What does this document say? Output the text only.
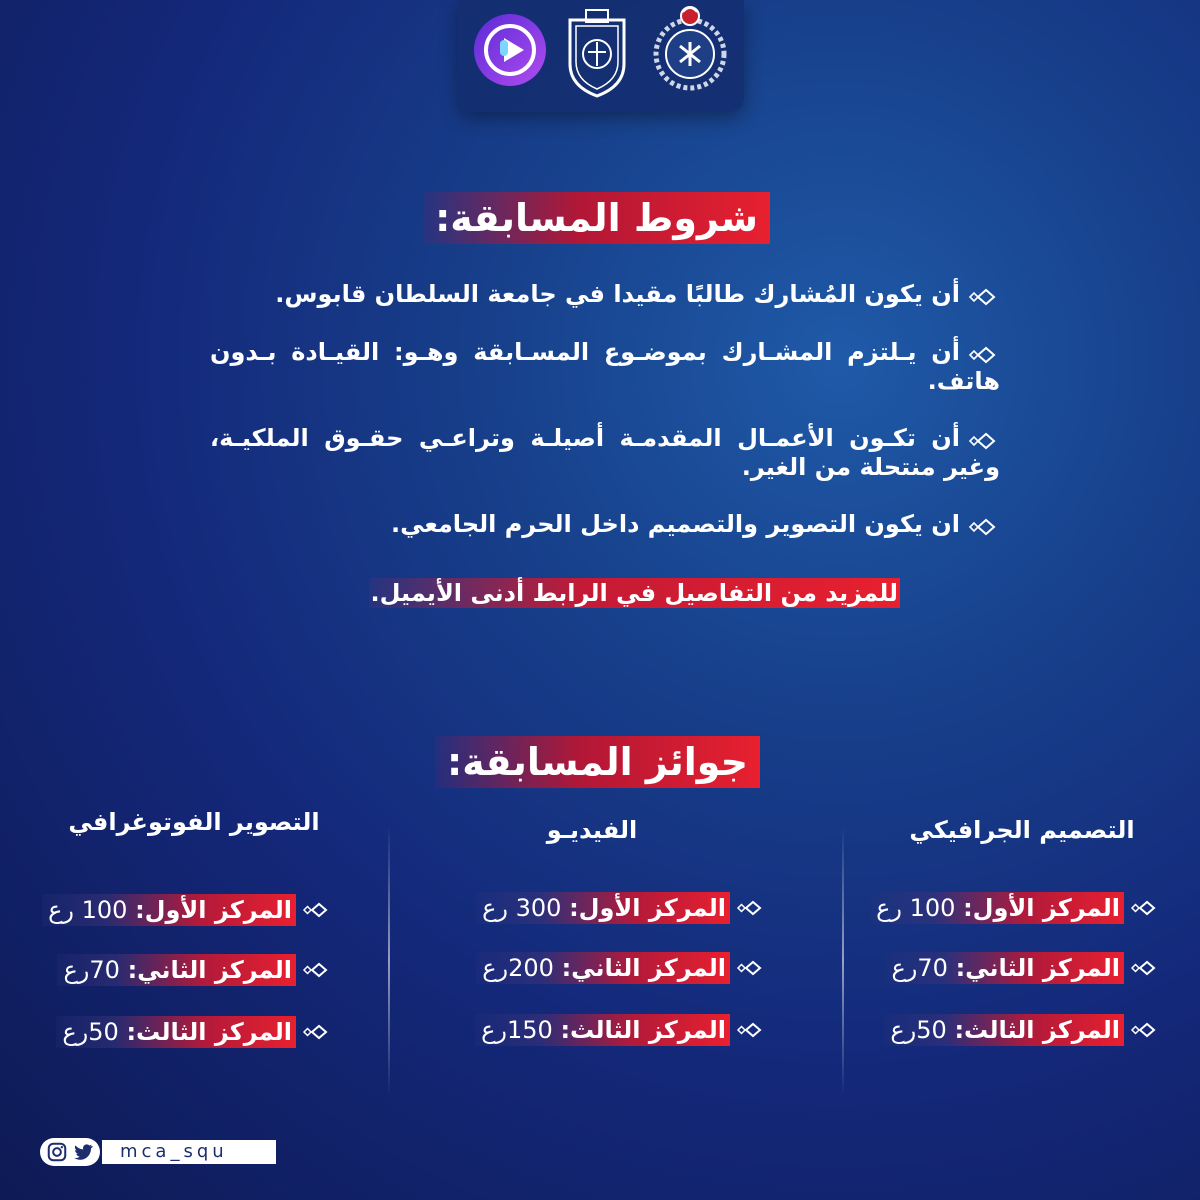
شروط المسابقة:
أن يكون المُشارك طالبًا مقيدا في جامعة السلطان قابوس.
أن يـلتزم المشـارك بموضـوع المسـابقة وهـو: القيـادة بـدون هاتف.
أن تكـون الأعمـال المقدمـة أصيلـة وتراعـي حقـوق الملكيـة، وغير منتحلة من الغير.
ان يكون التصوير والتصميم داخل الحرم الجامعي.
للمزيد من التفاصيل في الرابط أدنى الأيميل.
جوائز المسابقة:
التصميم الجرافيكي
الفيديـو
التصوير الفوتوغرافي
المركز الأول: 100 رع
المركز الثاني: 70رع
المركز الثالث: 50رع
المركز الأول: 300 رع
المركز الثاني: 200رع
المركز الثالث: 150رع
المركز الأول: 100 رع
المركز الثاني: 70رع
المركز الثالث: 50رع
mca_squ
